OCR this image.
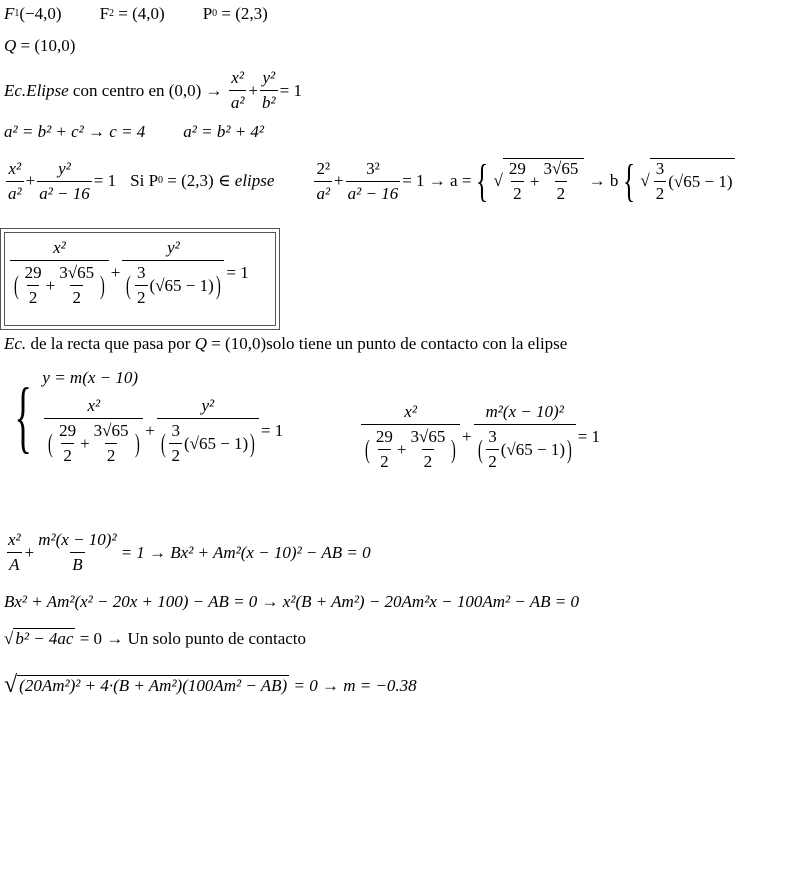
F 1 (−4,0) F 2
= (4,0) P 0
= (2,3)
Q
= (10,0)
Ec.Elipse
con centro en (0,0) →

x²
a²
+ $\frac{\text{y²}}{\text{b²}} = 1$
a² = b² + c² → c = 4 a² = b² + 4²
x²
a²
+ $\frac{\text{y²}}{\text{a² − 16}} = 1$ Si
P 0
= (2,3) ∈
elipse
2²
a²
+ $\frac{\text{3²}}{\text{a² − 16}} = 1 \to a$ = {
√ 29
2
+ $\frac{3√65}{2}$
→ b {
√ 3
2
(√65 − 1)
x²
( 29
2
+ $\frac{3√65}{2}$ ) + y²
( 3
2
(√65 − 1) ) = 1
Ec.
de la recta que pasa por
Q
= (10,0)solo tiene un punto de contacto con la elipse
{ y = m(x − 10)
x²
( 29
2
+ $\frac{3√65}{2}$ ) + y²
( 3
2
(√65 − 1) ) = 1
x²
( 29
2
+ $\frac{3√65}{2}$ ) + m²(x − 10)²
( 3
2
(√65 − 1) ) = 1
x²
A
+ $\frac{\text{m²(x − 10)²}}{B} = 1 \to Bx^2 + Am^2(x - 10)^2$ − AB = 0
Bx² + Am²(x² − 20x + 100) − AB = 0 → x²(B + Am²) − 20Am²x − 100Am² − AB = 0
√
b² − 4ac
= 0 → Un solo punto de contacto
√
(20Am²)² + 4·(B + Am²)(100Am² − AB)
= 0 → m = −0.38
